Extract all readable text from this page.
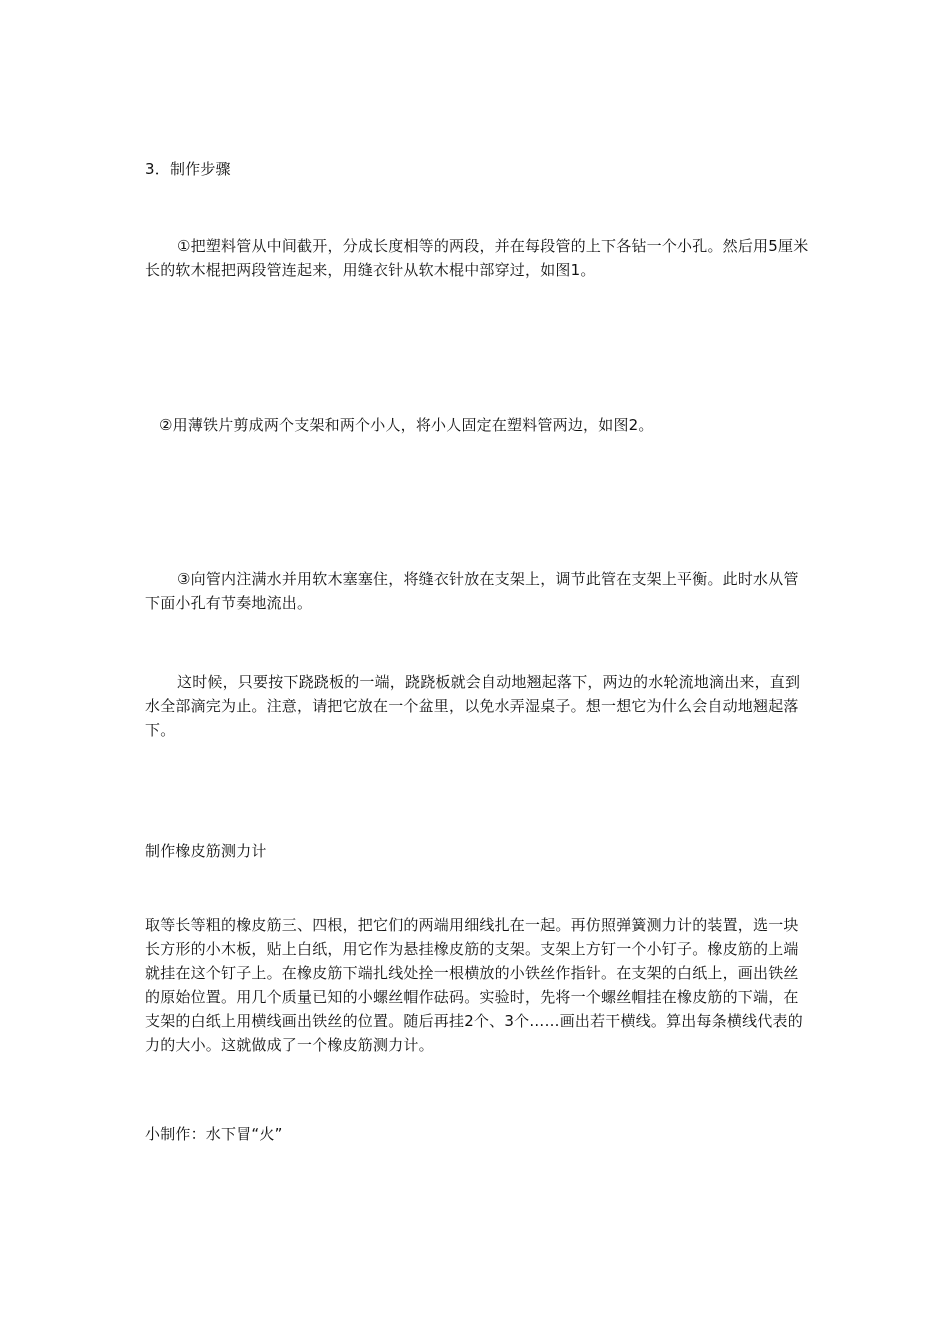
3．制作步骤

①把塑料管从中间截开，分成长度相等的两段，并在每段管的上下各钻一个小孔。然后用5厘米长的软木棍把两段管连起来，用缝衣针从软木棍中部穿过，如图1。

②用薄铁片剪成两个支架和两个小人，将小人固定在塑料管两边，如图2。

③向管内注满水并用软木塞塞住，将缝衣针放在支架上，调节此管在支架上平衡。此时水从管下面小孔有节奏地流出。

这时候，只要按下跷跷板的一端，跷跷板就会自动地翘起落下，两边的水轮流地滴出来，直到水全部滴完为止。注意，请把它放在一个盆里，以免水弄湿桌子。想一想它为什么会自动地翘起落下。

制作橡皮筋测力计

取等长等粗的橡皮筋三、四根，把它们的两端用细线扎在一起。再仿照弹簧测力计的装置，选一块长方形的小木板，贴上白纸，用它作为悬挂橡皮筋的支架。支架上方钉一个小钉子。橡皮筋的上端就挂在这个钉子上。在橡皮筋下端扎线处拴一根横放的小铁丝作指针。在支架的白纸上，画出铁丝的原始位置。用几个质量已知的小螺丝帽作砝码。实验时，先将一个螺丝帽挂在橡皮筋的下端，在支架的白纸上用横线画出铁丝的位置。随后再挂2个、3个……画出若干横线。算出每条横线代表的力的大小。这就做成了一个橡皮筋测力计。

小制作：水下冒“火”
